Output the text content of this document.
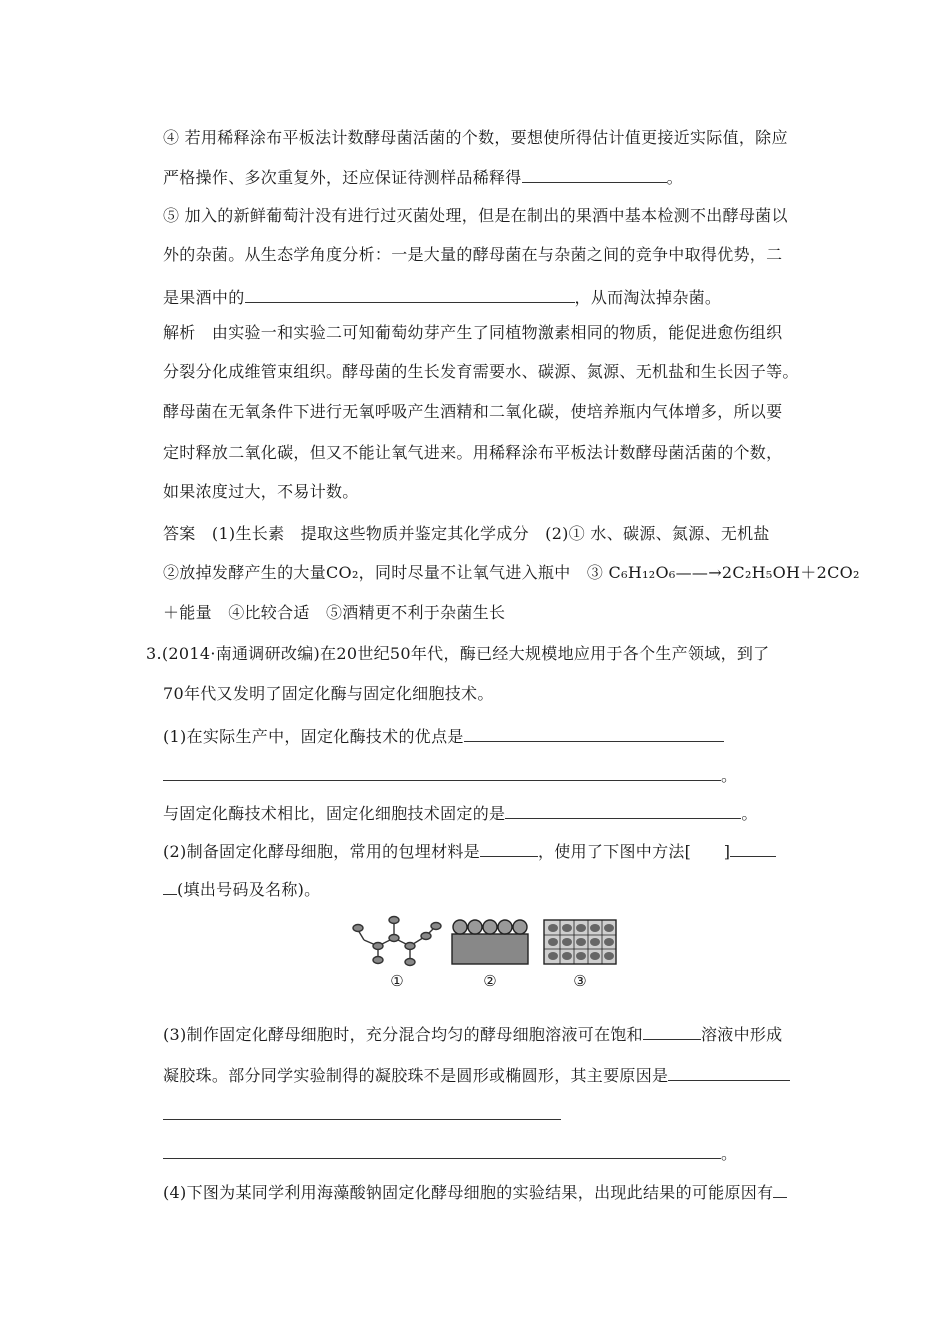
④ 若用稀释涂布平板法计数酵母菌活菌的个数，要想使所得估计值更接近实际值，除应
严格操作、多次重复外，还应保证待测样品稀释得	。
⑤ 加入的新鲜葡萄汁没有进行过灭菌处理，但是在制出的果酒中基本检测不出酵母菌以
外的杂菌。从生态学角度分析：一是大量的酵母菌在与杂菌之间的竞争中取得优势，二
是果酒中的	，从而淘汰掉杂菌。
解析　由实验一和实验二可知葡萄幼芽产生了同植物激素相同的物质，能促进愈伤组织
分裂分化成维管束组织。酵母菌的生长发育需要水、碳源、氮源、无机盐和生长因子等。
酵母菌在无氧条件下进行无氧呼吸产生酒精和二氧化碳，使培养瓶内气体增多，所以要
定时释放二氧化碳，但又不能让氧气进来。用稀释涂布平板法计数酵母菌活菌的个数，
如果浓度过大，不易计数。
答案　(1)生长素　提取这些物质并鉴定其化学成分　(2)① 水、碳源、氮源、无机盐
②放掉发酵产生的大量CO₂，同时尽量不让氧气进入瓶中　③ C₆H₁₂O₆——→2C₂H₅OH＋2CO₂
＋能量　④比较合适　⑤酒精更不利于杂菌生长
3.(2014·南通调研改编)在20世纪50年代，酶已经大规模地应用于各个生产领域，到了
70年代又发明了固定化酶与固定化细胞技术。
(1)在实际生产中，固定化酶技术的优点是
。
与固定化酶技术相比，固定化细胞技术固定的是	。
(2)制备固定化酵母细胞，常用的包埋材料是	，使用了下图中方法[　　]
(填出号码及名称)。
①	②	③
(3)制作固定化酵母细胞时，充分混合均匀的酵母细胞溶液可在饱和	溶液中形成
凝胶珠。部分同学实验制得的凝胶珠不是圆形或椭圆形，其主要原因是
。
(4)下图为某同学利用海藻酸钠固定化酵母细胞的实验结果，出现此结果的可能原因有
